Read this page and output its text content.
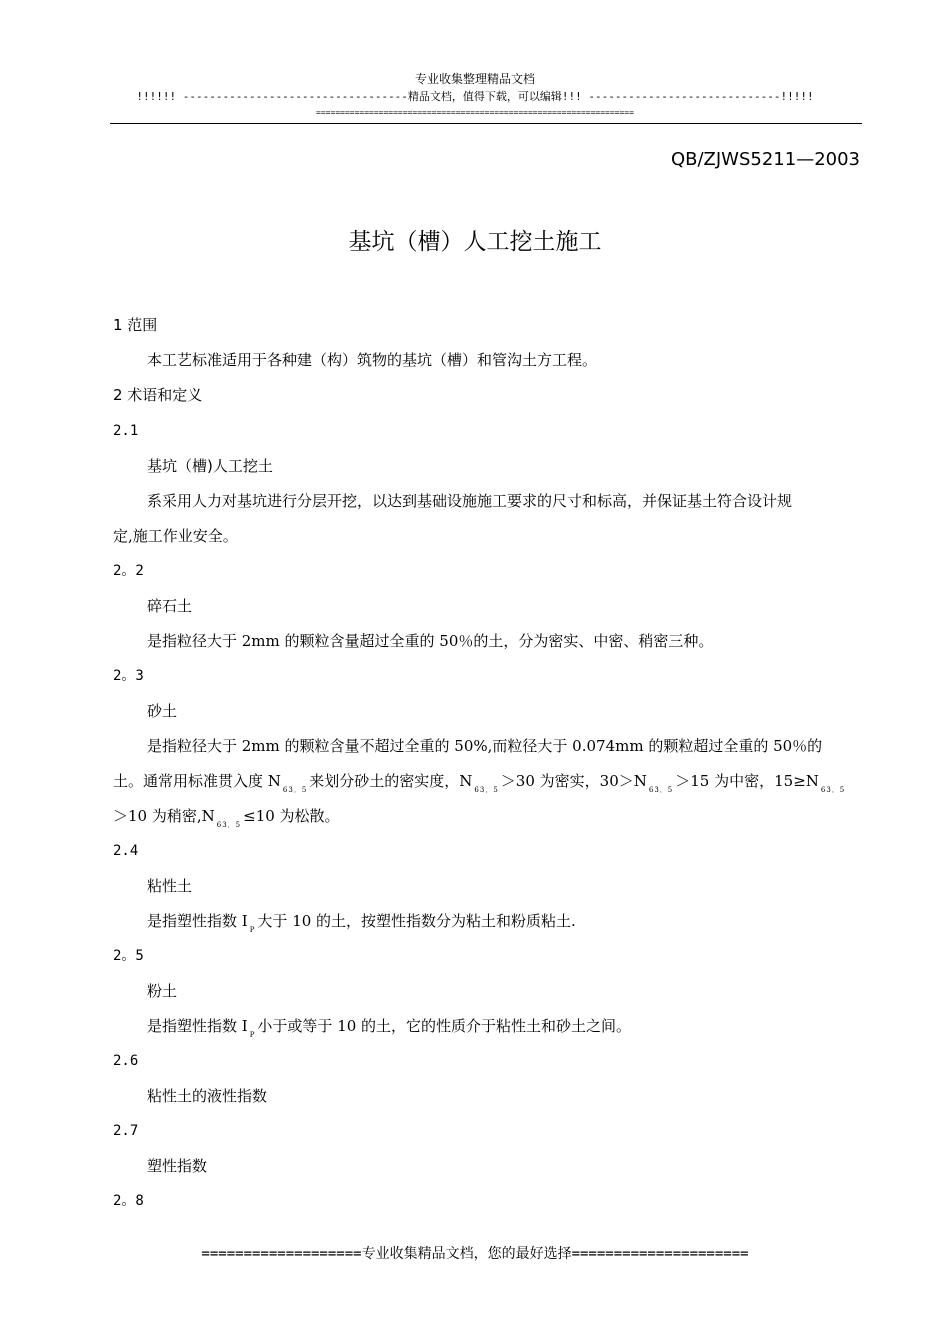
专业收集整理精品文档
!!!!!! ----------------------------------精品文档，值得下载，可以编辑!!! -----------------------------!!!!!
==================================================================
QB/ZJWS5211—2003
基坑（槽）人工挖土施工
1 范围
本工艺标准适用于各种建（构）筑物的基坑（槽）和管沟土方工程。
2 术语和定义
2.1
基坑（槽)人工挖土
系采用人力对基坑进行分层开挖，以达到基础设施施工要求的尺寸和标高，并保证基土符合设计规
定,施工作业安全。
2。2
碎石土
是指粒径大于 2mm 的颗粒含量超过全重的 50％的土，分为密实、中密、稍密三种。
2。3
砂土
是指粒径大于 2mm 的颗粒含量不超过全重的 50%,而粒径大于 0.074mm 的颗粒超过全重的 50％的
土。通常用标准贯入度 N $_{63.5}$ 来划分砂土的密实度，N $_{63.5}$ ＞30 为密实，30＞N $_{63.5}$ ＞15 为中密，15≥N $_{63.5}$
＞10 为稍密,N $_{63.5}$ ≤10 为松散。
2.4
粘性土
是指塑性指数 I $_P$ 大于 10 的土，按塑性指数分为粘土和粉质粘土.
2。5
粉土
是指塑性指数 I $_P$ 小于或等于 10 的土，它的性质介于粘性土和砂土之间。
2.6
粘性土的液性指数
2.7
塑性指数
2。8
===================专业收集精品文档，您的最好选择=====================
